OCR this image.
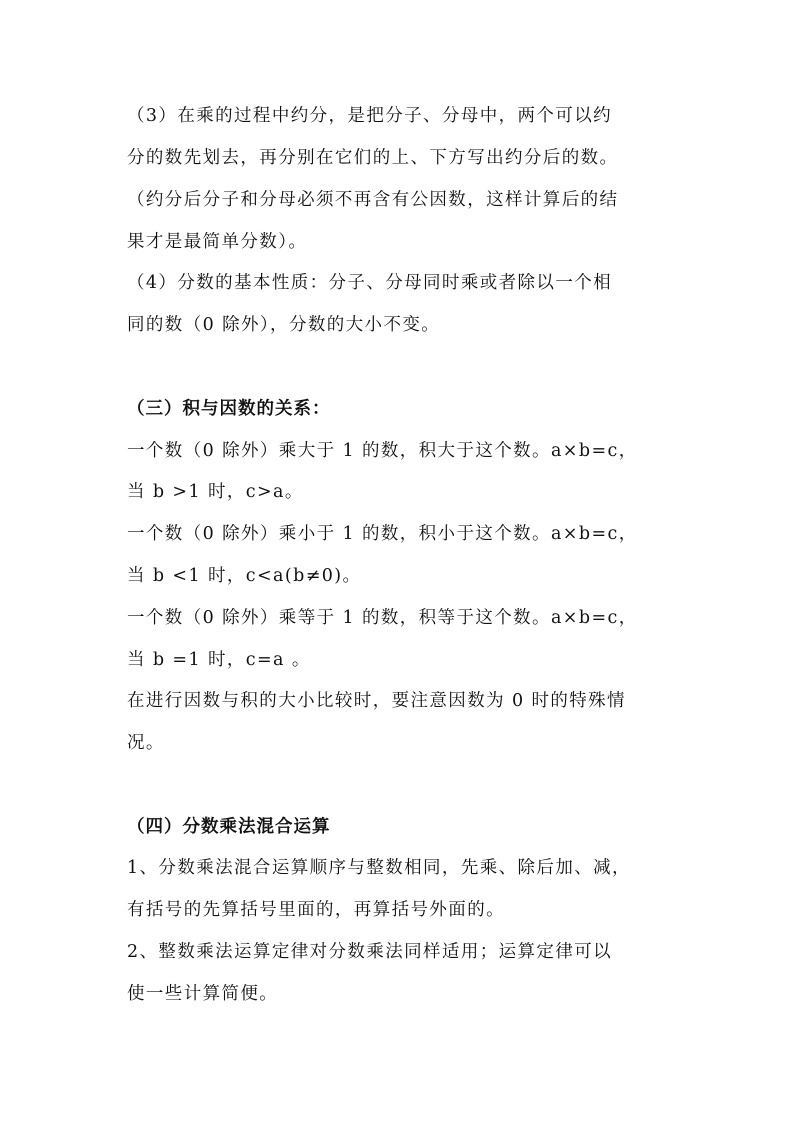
（3）在乘的过程中约分，是把分子、分母中，两个可以约
分的数先划去，再分别在它们的上、下方写出约分后的数。
（约分后分子和分母必须不再含有公因数，这样计算后的结
果才是最简单分数）。
（4）分数的基本性质：分子、分母同时乘或者除以一个相
同的数（0 除外），分数的大小不变。
（三）积与因数的关系：
一个数（0 除外）乘大于 1 的数，积大于这个数。a×b=c，
当 b >1 时，c>a。
一个数（0 除外）乘小于 1 的数，积小于这个数。a×b=c，
当 b <1 时，c<a(b≠0)。
一个数（0 除外）乘等于 1 的数，积等于这个数。a×b=c，
当 b =1 时，c=a 。
在进行因数与积的大小比较时，要注意因数为 0 时的特殊情
况。
（四）分数乘法混合运算
1、分数乘法混合运算顺序与整数相同，先乘、除后加、减，
有括号的先算括号里面的，再算括号外面的。
2、整数乘法运算定律对分数乘法同样适用；运算定律可以
使一些计算简便。
